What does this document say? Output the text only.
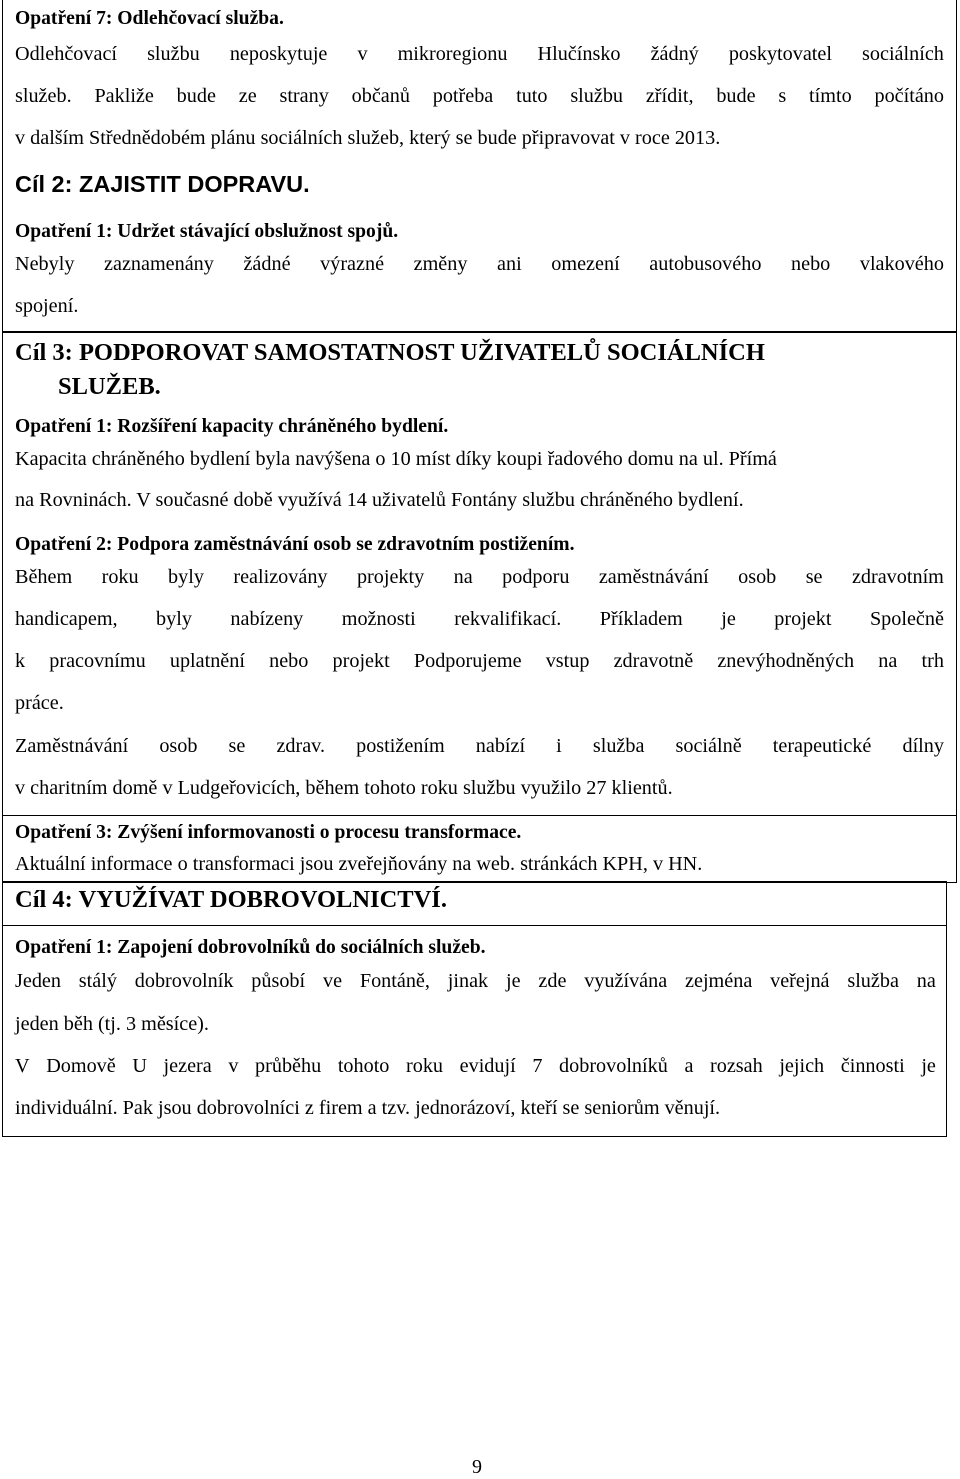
Opatření 7: Odlehčovací služba.

Odlehčovací službu neposkytuje v mikroregionu Hlučínsko žádný poskytovatel sociálních

služeb. Pakliže bude ze strany občanů potřeba tuto službu zřídit, bude s tímto počítáno

v dalším Střednědobém plánu sociálních služeb, který se bude připravovat v roce 2013.

Cíl 2: ZAJISTIT DOPRAVU.

Opatření 1: Udržet stávající obslužnost spojů.

Nebyly zaznamenány žádné výrazné změny ani omezení autobusového nebo vlakového

spojení.

Cíl 3: PODPOROVAT SAMOSTATNOST UŽIVATELŮ SOCIÁLNÍCH

SLUŽEB.

Opatření 1: Rozšíření kapacity chráněného bydlení.

Kapacita chráněného bydlení byla navýšena o 10 míst díky koupi řadového domu na ul. Přímá

na Rovninách. V současné době využívá 14 uživatelů Fontány službu chráněného bydlení.

Opatření 2: Podpora zaměstnávání osob se zdravotním postižením.

Během roku byly realizovány projekty na podporu zaměstnávání osob se zdravotním

handicapem, byly nabízeny možnosti rekvalifikací. Příkladem je projekt Společně

k pracovnímu uplatnění nebo projekt Podporujeme vstup zdravotně znevýhodněných na trh

práce.

Zaměstnávání osob se zdrav. postižením nabízí i služba sociálně terapeutické dílny

v charitním domě v Ludgeřovicích, během tohoto roku službu využilo 27 klientů.

Opatření 3: Zvýšení informovanosti o procesu transformace.

Aktuální informace o transformaci jsou zveřejňovány na web. stránkách KPH, v HN.

Cíl 4: VYUŽÍVAT DOBROVOLNICTVÍ.

Opatření 1: Zapojení dobrovolníků do sociálních služeb.

Jeden stálý dobrovolník působí ve Fontáně, jinak je zde využívána zejména veřejná služba na

jeden běh (tj. 3 měsíce).

V Domově U jezera v průběhu tohoto roku evidují 7 dobrovolníků a rozsah jejich činnosti je

individuální. Pak jsou dobrovolníci z firem a tzv. jednorázoví, kteří se seniorům věnují.

9
